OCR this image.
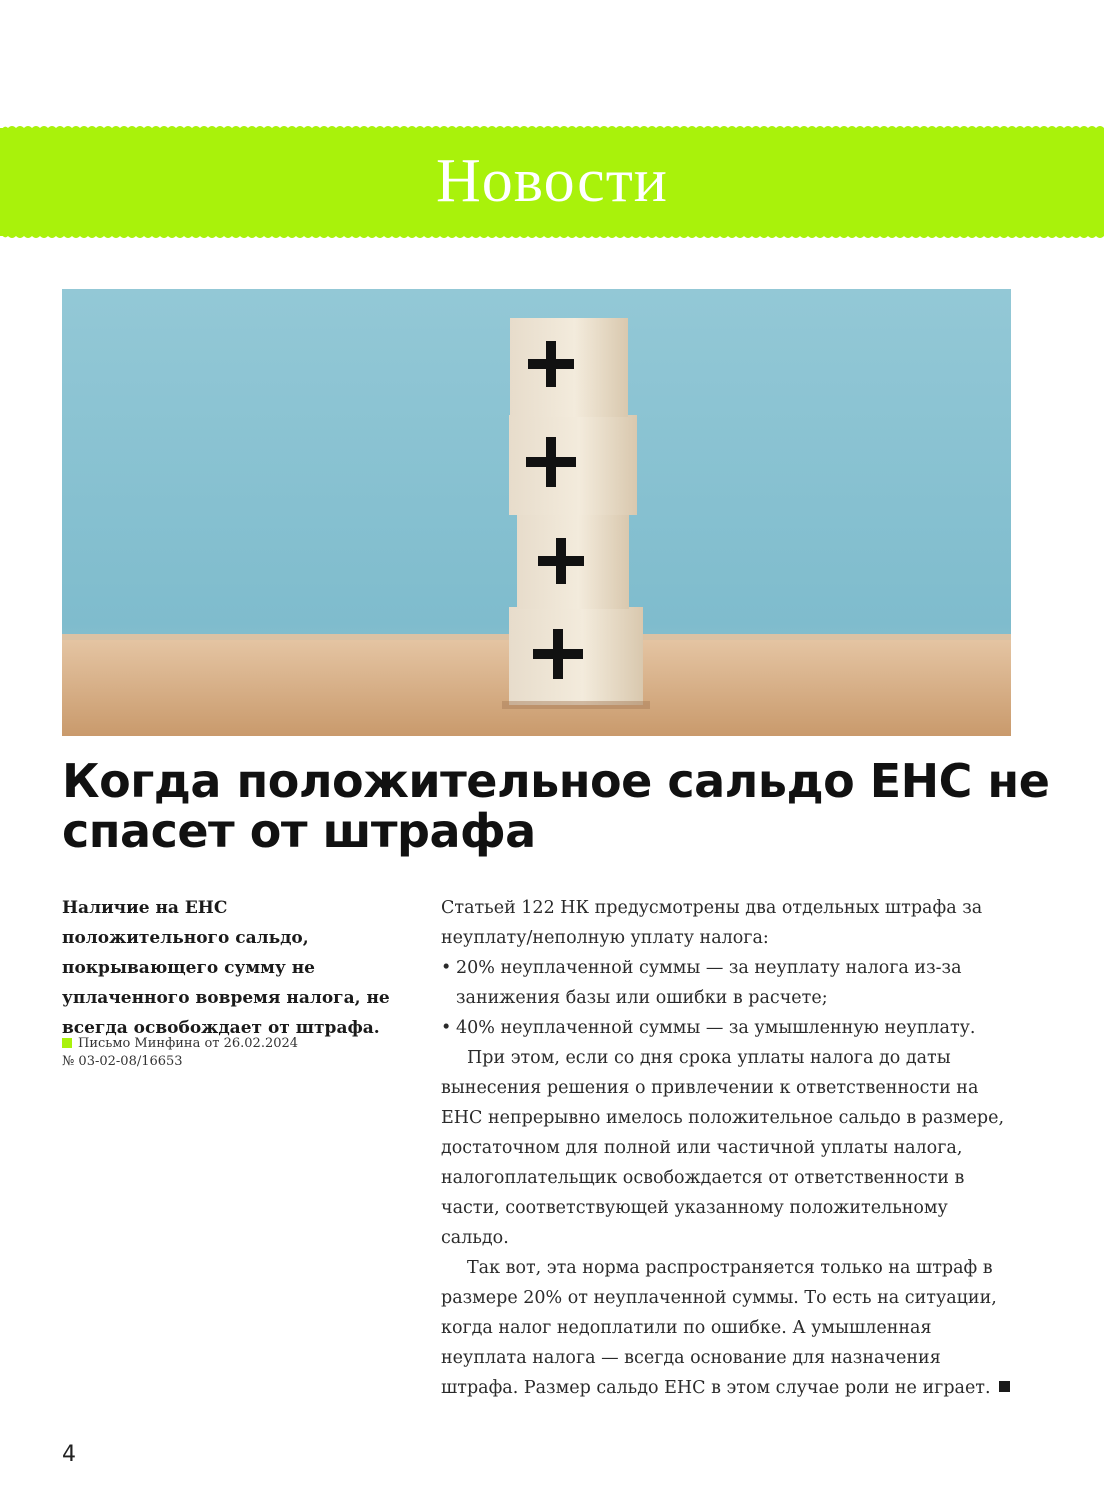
Новости
Когда положительное сальдо ЕНС не спасет от штрафа

Наличие на ЕНС положительного сальдо, покрывающего сумму не уплаченного вовремя налога, не всегда освобождает от штрафа.

Письмо Минфина от 26.02.2024
№ 03-02-08/16653

Статьей 122 НК предусмотрены два отдельных штрафа за неуплату/неполную уплату налога:

• 20% неуплаченной суммы — за неуплату налога из-за занижения базы или ошибки в расчете;
• 40% неуплаченной суммы — за умышленную неуплату.

При этом, если со дня срока уплаты налога до даты вынесения решения о привлечении к ответственности на ЕНС непрерывно имелось положительное сальдо в размере, достаточном для полной или частичной уплаты налога, налогоплательщик освобождается от ответственности в части, соответствующей указанному положительному сальдо.

Так вот, эта норма распространяется только на штраф в размере 20% от неуплаченной суммы. То есть на ситуации, когда налог недоплатили по ошибке. А умышленная неуплата налога — всегда основание для назначения штрафа. Размер сальдо ЕНС в этом случае роли не играет.

4
